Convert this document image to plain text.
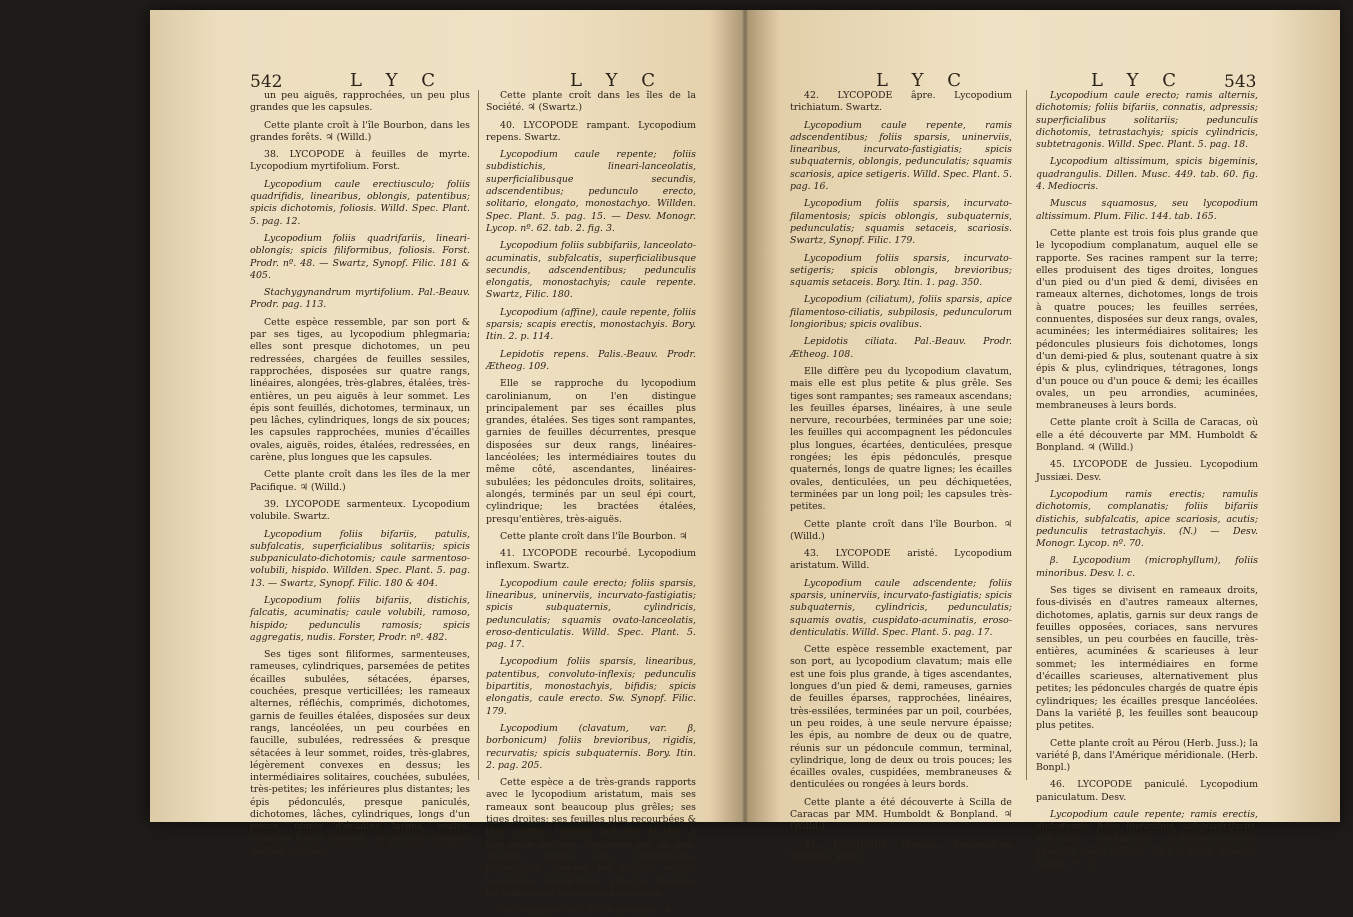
542	L Y C	L Y C

un peu aiguës, rapprochées, un peu plus grandes que les capsules.

Cette plante croît à l'île Bourbon, dans les grandes forêts. ♃ (Willd.)

38. LYCOPODE à feuilles de myrte. Lycopodium myrtifolium. Forst.

Lycopodium caule erectiusculo; foliis quadrifidis, linearibus, oblongis, patentibus; spicis dichotomis, foliosis. Willd. Spec. Plant. 5. pag. 12.

Lycopodium foliis quadrifariis, lineari-oblongis; spicis filiformibus, foliosis. Forst. Prodr. nº. 48. — Swartz, Synopf. Filic. 181 & 405.

Stachygynandrum myrtifolium. Pal.-Beauv. Prodr. pag. 113.

Cette espèce ressemble, par son port & par ses tiges, au lycopodium phlegmaria; elles sont presque dichotomes, un peu redressées, chargées de feuilles sessiles, rapprochées, disposées sur quatre rangs, linéaires, alongées, très-glabres, étalées, très-entières, un peu aiguës à leur sommet. Les épis sont feuillés, dichotomes, terminaux, un peu lâches, cylindriques, longs de six pouces; les capsules rapprochées, munies d'écailles ovales, aiguës, roides, étalées, redressées, en carène, plus longues que les capsules.

Cette plante croît dans les îles de la mer Pacifique. ♃ (Willd.)

39. LYCOPODE sarmenteux. Lycopodium volubile. Swartz.

Lycopodium foliis bifariis, patulis, subfalcatis, superficialibus solitariis; spicis subpaniculato-dichotomis; caule sarmentoso-volubili, hispido. Willden. Spec. Plant. 5. pag. 13. — Swartz, Synopf. Filic. 180 & 404.

Lycopodium foliis bifariis, distichis, falcatis, acuminatis; caule volubili, ramoso, hispido; pedunculis ramosis; spicis aggregatis, nudis. Forster, Prodr. nº. 482.

Ses tiges sont filiformes, sarmenteuses, rameuses, cylindriques, parsemées de petites écailles subulées, sétacées, éparses, couchées, presque verticillées; les rameaux alternes, réfléchis, comprimés, dichotomes, garnis de feuilles étalées, disposées sur deux rangs, lancéolées, un peu courbées en faucille, subulées, redressées & presque sétacées à leur sommet, roides, très-glabres, légèrement convexes en dessus; les intermédiaires solitaires, couchées, subulées, très-petites; les inférieures plus distantes; les épis pédonculés, presque paniculés, dichotomes, lâches, cylindriques, longs d'un pouce, munis d'écailles larges, ovales, subulées à leur sommet, un peu plus longues que les capsules.

Cette plante croît dans les îles de la Société. ♃ (Swartz.)

40. LYCOPODE rampant. Lycopodium repens. Swartz.

Lycopodium caule repente; foliis subdistichis, lineari-lanceolatis, superficialibusque secundis, adscendentibus; pedunculo erecto, solitario, elongato, monostachyo. Willden. Spec. Plant. 5. pag. 15. — Desv. Monogr. Lycop. nº. 62. tab. 2. fig. 3.

Lycopodium foliis subbifariis, lanceolato-acuminatis, subfalcatis, superficialibusque secundis, adscendentibus; pedunculis elongatis, monostachyis; caule repente. Swartz, Filic. 180.

Lycopodium (affine), caule repente, foliis sparsis; scapis erectis, monostachyis. Bory. Itin. 2. p. 114.

Lepidotis repens. Palis.-Beauv. Prodr. Ætheog. 109.

Elle se rapproche du lycopodium carolinianum, on l'en distingue principalement par ses écailles plus grandes, étalées. Ses tiges sont rampantes, garnies de feuilles décurrentes, presque disposées sur deux rangs, linéaires-lancéolées; les intermédiaires toutes du même côté, ascendantes, linéaires-subulées; les pédoncules droits, solitaires, alongés, terminés par un seul épi court, cylindrique; les bractées étalées, presqu'entières, très-aiguës.

Cette plante croît dans l'île Bourbon. ♃

41. LYCOPODE recourbé. Lycopodium inflexum. Swartz.

Lycopodium caule erecto; foliis sparsis, linearibus, uninerviis, incurvato-fastigiatis; spicis subquaternis, cylindricis, pedunculatis; squamis ovato-lanceolatis, eroso-denticulatis. Willd. Spec. Plant. 5. pag. 17.

Lycopodium foliis sparsis, linearibus, patentibus, convoluto-inflexis; pedunculis bipartitis, monostachyis, bifidis; spicis elongatis, caule erecto. Sw. Synopf. Filic. 179.

Lycopodium (clavatum, var. β, borbonicum) foliis brevioribus, rigidis, recurvatis; spicis subquaternis. Bory. Itin. 2. pag. 205.

Cette espèce a de très-grands rapports avec le lycopodium aristatum, mais ses rameaux sont beaucoup plus grêles; ses tiges droites; ses feuilles plus recourbées & plus courtes, éparses, linéaires, étalées, à une seule nervure, terminées par un poil; environ quatre épis cylindriques, pédonculés, alongés; les écailles ovales-lancéolées, denticulées, presque rongées; les inférieures seulement acuminées.

Cette plante croît à l'île Bourbon. ♃

L Y C	L Y C 543

42. LYCOPODE âpre. Lycopodium trichiatum. Swartz.

Lycopodium caule repente, ramis adscendentibus; foliis sparsis, uninerviis, linearibus, incurvato-fastigiatis; spicis subquaternis, oblongis, pedunculatis; squamis scariosis, apice setigeris. Willd. Spec. Plant. 5. pag. 16.

Lycopodium foliis sparsis, incurvato-filamentosis; spicis oblongis, subquaternis, pedunculatis; squamis setaceis, scariosis. Swartz, Synopf. Filic. 179.

Lycopodium foliis sparsis, incurvato-setigeris; spicis oblongis, brevioribus; squamis setaceis. Bory. Itin. 1. pag. 350.

Lycopodium (ciliatum), foliis sparsis, apice filamentoso-ciliatis, subpilosis, pedunculorum longioribus; spicis ovalibus.

Lepidotis ciliata. Pal.-Beauv. Prodr. Ætheog. 108.

Elle diffère peu du lycopodium clavatum, mais elle est plus petite & plus grêle. Ses tiges sont rampantes; ses rameaux ascendans; les feuilles éparses, linéaires, à une seule nervure, recourbées, terminées par une soie; les feuilles qui accompagnent les pédoncules plus longues, écartées, denticulées, presque rongées; les épis pédonculés, presque quaternés, longs de quatre lignes; les écailles ovales, denticulées, un peu déchiquetées, terminées par un long poil; les capsules très-petites.

Cette plante croît dans l'île Bourbon. ♃ (Willd.)

43. LYCOPODE aristé. Lycopodium aristatum. Willd.

Lycopodium caule adscendente; foliis sparsis, uninerviis, incurvato-fastigiatis; spicis subquaternis, cylindricis, pedunculatis; squamis ovatis, cuspidato-acuminatis, eroso-denticulatis. Willd. Spec. Plant. 5. pag. 17.

Cette espèce ressemble exactement, par son port, au lycopodium clavatum; mais elle est une fois plus grande, à tiges ascendantes, longues d'un pied & demi, rameuses, garnies de feuilles éparses, rapprochées, linéaires, très-essilées, terminées par un poil, courbées, un peu roides, à une seule nervure épaisse; les épis, au nombre de deux ou de quatre, réunis sur un pédoncule commun, terminal, cylindrique, long de deux ou trois pouces; les écailles ovales, cuspidées, membraneuses & denticulées ou rongées à leurs bords.

Cette plante a été découverte à Scilla de Caracas par MM. Humboldt & Bonpland. ♃ (Willd.)

44. LYCOPODE thyoïde. Lycopodium thyoides. Willd.

Lycopodium caule erecto; ramis alternis, dichotomis; foliis bifariis, connatis, adpressis; superficialibus solitariis; pedunculis dichotomis, tetrastachyis; spicis cylindricis, subtetragonis. Willd. Spec. Plant. 5. pag. 18.

Lycopodium altissimum, spicis bigeminis, quadrangulis. Dillen. Musc. 449. tab. 60. fig. 4. Mediocris.

Muscus squamosus, seu lycopodium altissimum. Plum. Filic. 144. tab. 165.

Cette plante est trois fois plus grande que le lycopodium complanatum, auquel elle se rapporte. Ses racines rampent sur la terre; elles produisent des tiges droites, longues d'un pied ou d'un pied & demi, divisées en rameaux alternes, dichotomes, longs de trois à quatre pouces; les feuilles serrées, connuentes, disposées sur deux rangs, ovales, acuminées; les intermédiaires solitaires; les pédoncules plusieurs fois dichotomes, longs d'un demi-pied & plus, soutenant quatre à six épis & plus, cylindriques, tétragones, longs d'un pouce ou d'un pouce & demi; les écailles ovales, un peu arrondies, acuminées, membraneuses à leurs bords.

Cette plante croît à Scilla de Caracas, où elle a été découverte par MM. Humboldt & Bonpland. ♃ (Willd.)

45. LYCOPODE de Jussieu. Lycopodium Jussiæi. Desv.

Lycopodium ramis erectis; ramulis dichotomis, complanatis; foliis bifariis distichis, subfalcatis, apice scariosis, acutis; pedunculis tetrastachyis. (N.) — Desv. Monogr. Lycop. nº. 70.

β. Lycopodium (microphyllum), foliis minoribus. Desv. l. c.

Ses tiges se divisent en rameaux droits, fous-divisés en d'autres rameaux alternes, dichotomes, aplatis, garnis sur deux rangs de feuilles opposées, coriaces, sans nervures sensibles, un peu courbées en faucille, très-entières, acuminées & scarieuses à leur sommet; les intermédiaires en forme d'écailles scarieuses, alternativement plus petites; les pédoncules chargés de quatre épis cylindriques; les écailles presque lancéolées. Dans la variété β, les feuilles sont beaucoup plus petites.

Cette plante croît au Pérou (Herb. Juss.); la variété β, dans l'Amérique méridionale. (Herb. Bonpl.)

46. LYCOPODE paniculé. Lycopodium paniculatum. Desv.

Lycopodium caule repente; ramis erectis, dichotomis; foliis linearibus, subquadrifariis, subacutis; pedunculis dichotomo-ramosis; squamis apice reflexis. (N.) — Desv. Monogr. Lycop. nº. 71.
